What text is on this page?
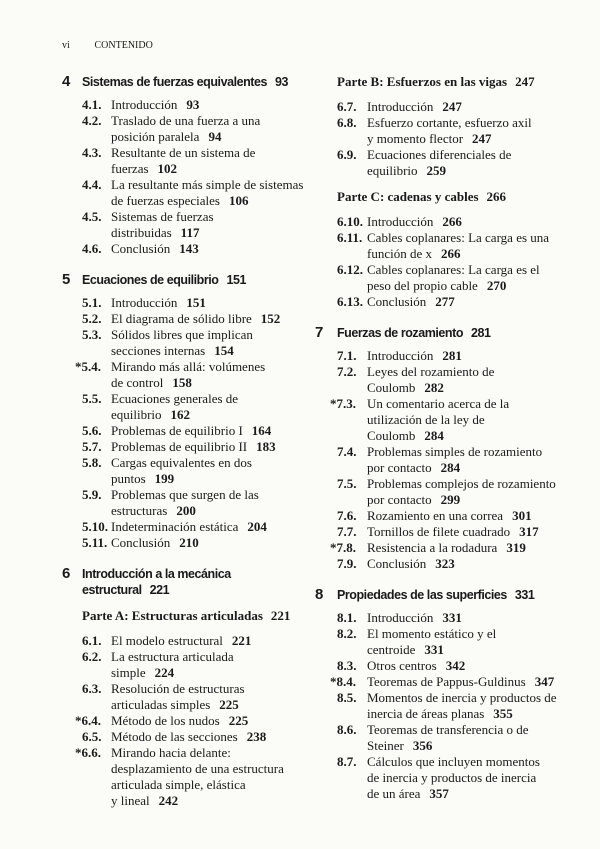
vi CONTENIDO
4 Sistemas de fuerzas equivalentes 93
4.1. Introducción 93
4.2. Traslado de una fuerza a una
posición paralela 94
4.3. Resultante de un sistema de
fuerzas 102
4.4. La resultante más simple de sistemas
de fuerzas especiales 106
4.5. Sistemas de fuerzas
distribuidas 117
4.6. Conclusión 143
5 Ecuaciones de equilibrio 151
5.1. Introducción 151
5.2. El diagrama de sólido libre 152
5.3. Sólidos libres que implican
secciones internas 154
*5.4. Mirando más allá: volúmenes
de control 158
5.5. Ecuaciones generales de
equilibrio 162
5.6. Problemas de equilibrio I 164
5.7. Problemas de equilibrio II 183
5.8. Cargas equivalentes en dos
puntos 199
5.9. Problemas que surgen de las
estructuras 200
5.10. Indeterminación estática 204
5.11. Conclusión 210
6 Introducción a la mecánica
estructural 221
Parte A: Estructuras articuladas 221
6.1. El modelo estructural 221
6.2. La estructura articulada
simple 224
6.3. Resolución de estructuras
articuladas simples 225
*6.4. Método de los nudos 225
6.5. Método de las secciones 238
*6.6. Mirando hacia delante:
desplazamiento de una estructura
articulada simple, elástica
y lineal 242
Parte B: Esfuerzos en las vigas 247
6.7. Introducción 247
6.8. Esfuerzo cortante, esfuerzo axil
y momento flector 247
6.9. Ecuaciones diferenciales de
equilibrio 259
Parte C: cadenas y cables 266
6.10. Introducción 266
6.11. Cables coplanares: La carga es una
función de x 266
6.12. Cables coplanares: La carga es el
peso del propio cable 270
6.13. Conclusión 277
7	Fuerzas de rozamiento 281
7.1. Introducción 281
7.2. Leyes del rozamiento de
Coulomb 282
*7.3. Un comentario acerca de la
utilización de la ley de
Coulomb 284
7.4. Problemas simples de rozamiento
por contacto 284
7.5. Problemas complejos de rozamiento
por contacto 299
7.6. Rozamiento en una correa 301
7.7. Tornillos de filete cuadrado 317
*7.8. Resistencia a la rodadura 319
7.9. Conclusión 323
8	Propiedades de las superficies 331
8.1. Introducción 331
8.2. El momento estático y el
centroide 331
8.3. Otros centros 342
*8.4. Teoremas de Pappus-Guldinus 347
8.5. Momentos de inercia y productos de
inercia de áreas planas 355
8.6. Teoremas de transferencia o de
Steiner 356
8.7. Cálculos que incluyen momentos
de inercia y productos de inercia
de un área 357
